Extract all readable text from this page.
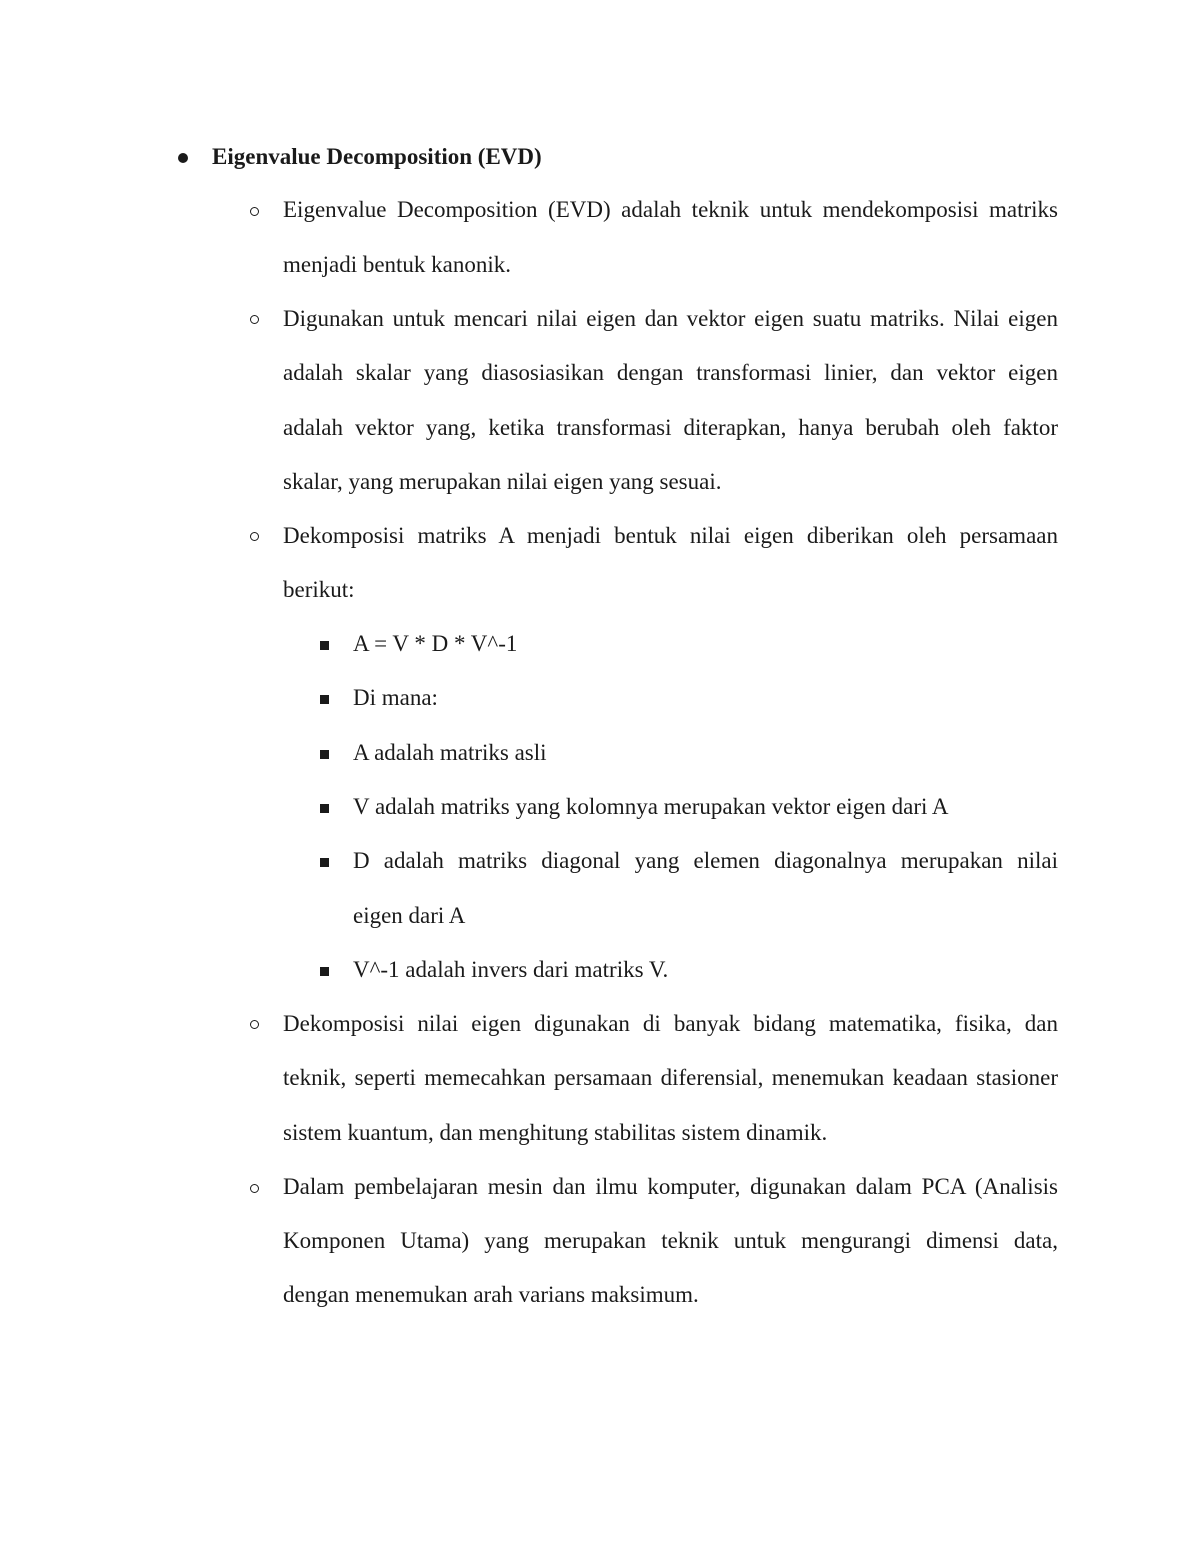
Eigenvalue Decomposition (EVD)
Eigenvalue Decomposition (EVD) adalah teknik untuk mendekomposisi matriks
menjadi bentuk kanonik.
Digunakan untuk mencari nilai eigen dan vektor eigen suatu matriks. Nilai eigen
adalah skalar yang diasosiasikan dengan transformasi linier, dan vektor eigen
adalah vektor yang, ketika transformasi diterapkan, hanya berubah oleh faktor
skalar, yang merupakan nilai eigen yang sesuai.
Dekomposisi matriks A menjadi bentuk nilai eigen diberikan oleh persamaan
berikut:
A = V * D * V^-1
Di mana:
A adalah matriks asli
V adalah matriks yang kolomnya merupakan vektor eigen dari A
D adalah matriks diagonal yang elemen diagonalnya merupakan nilai
eigen dari A
V^-1 adalah invers dari matriks V.
Dekomposisi nilai eigen digunakan di banyak bidang matematika, fisika, dan
teknik, seperti memecahkan persamaan diferensial, menemukan keadaan stasioner
sistem kuantum, dan menghitung stabilitas sistem dinamik.
Dalam pembelajaran mesin dan ilmu komputer, digunakan dalam PCA (Analisis
Komponen Utama) yang merupakan teknik untuk mengurangi dimensi data,
dengan menemukan arah varians maksimum.
